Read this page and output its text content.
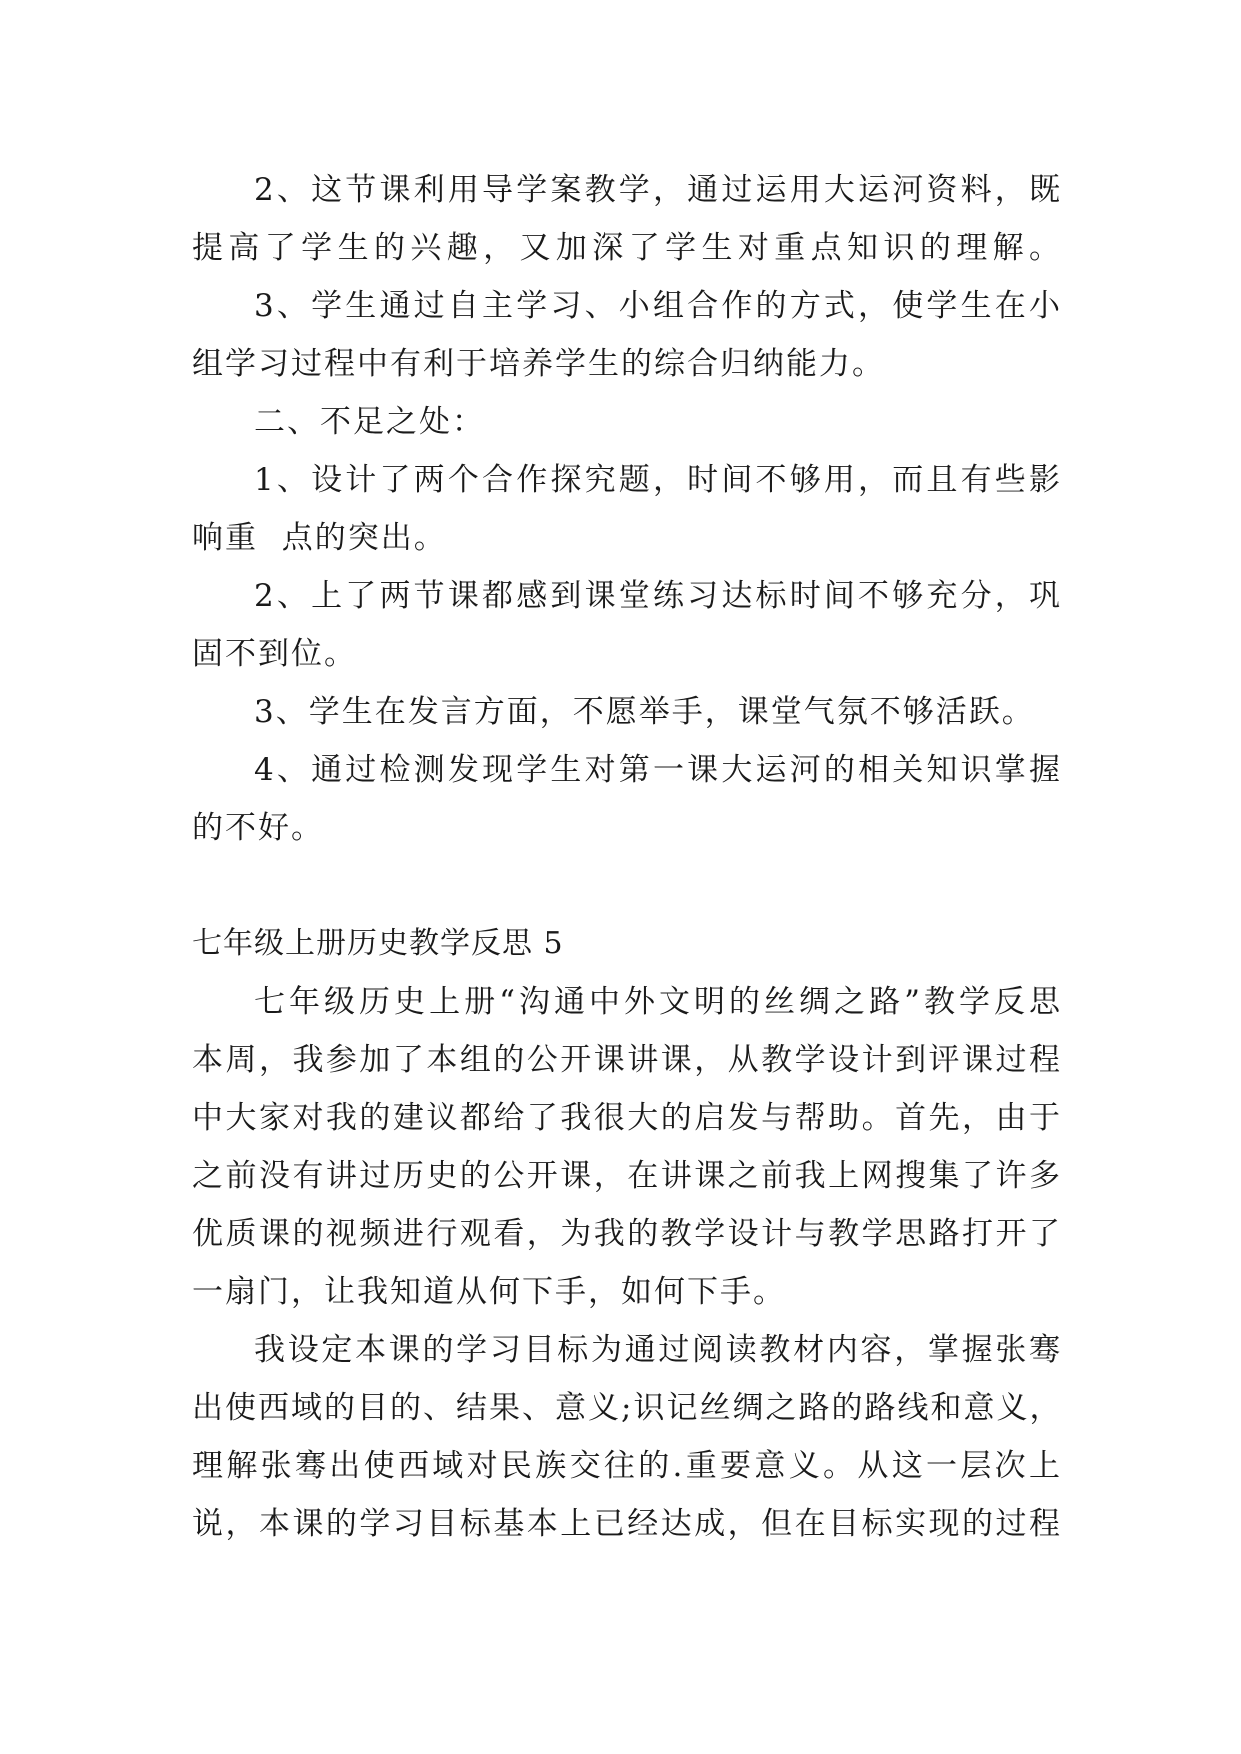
2、这节课利用导学案教学，通过运用大运河资料，既
提高了学生的兴趣，又加深了学生对重点知识的理解。
3、学生通过自主学习、小组合作的方式，使学生在小
组学习过程中有利于培养学生的综合归纳能力。
二、不足之处：
1、设计了两个合作探究题，时间不够用，而且有些影
响重  点的突出。
2、上了两节课都感到课堂练习达标时间不够充分，巩
固不到位。
3、学生在发言方面，不愿举手，课堂气氛不够活跃。
4、通过检测发现学生对第一课大运河的相关知识掌握
的不好。
七年级上册历史教学反思 5
七年级历史上册“沟通中外文明的丝绸之路”教学反思
本周，我参加了本组的公开课讲课，从教学设计到评课过程
中大家对我的建议都给了我很大的启发与帮助。首先，由于
之前没有讲过历史的公开课，在讲课之前我上网搜集了许多
优质课的视频进行观看，为我的教学设计与教学思路打开了
一扇门，让我知道从何下手，如何下手。
我设定本课的学习目标为通过阅读教材内容，掌握张骞
出使西域的目的、结果、意义;识记丝绸之路的路线和意义，
理解张骞出使西域对民族交往的.重要意义。从这一层次上
说，本课的学习目标基本上已经达成，但在目标实现的过程
